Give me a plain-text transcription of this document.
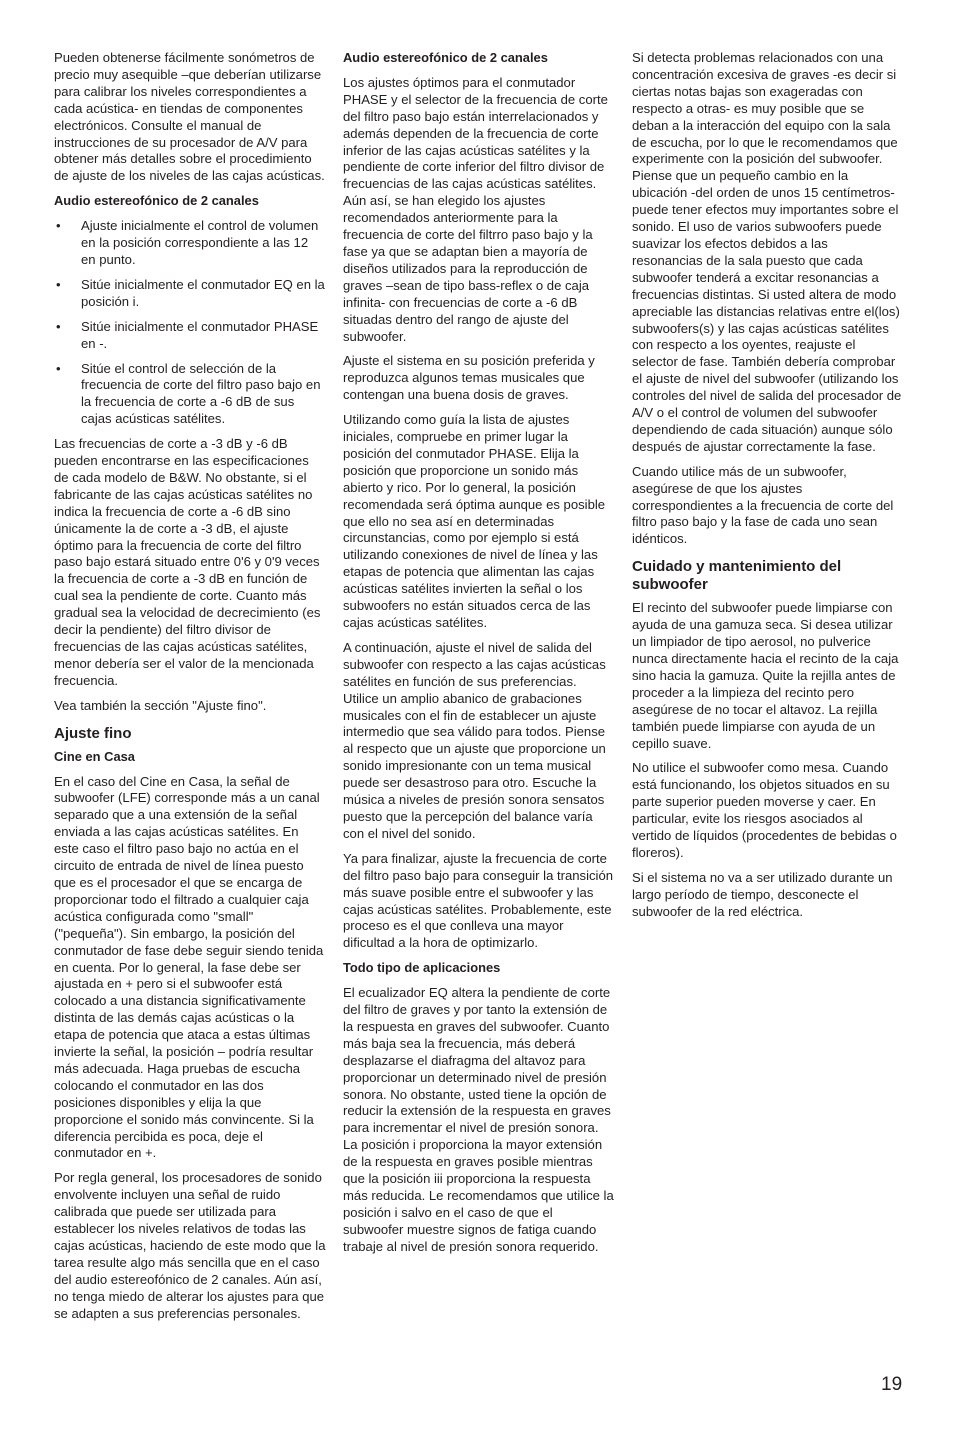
Pueden obtenerse fácilmente sonómetros de precio muy asequible –que deberían utilizarse para calibrar los niveles correspondientes a cada acústica- en tiendas de componentes electrónicos. Consulte el manual de instrucciones de su procesador de A/V para obtener más detalles sobre el procedimiento de ajuste de los niveles de las cajas acústicas.

Audio estereofónico de 2 canales

• Ajuste inicialmente el control de volumen en la posición correspondiente a las 12 en punto.
• Sitúe inicialmente el conmutador EQ en la posición i.
• Sitúe inicialmente el conmutador PHASE en -.
• Sitúe el control de selección de la frecuencia de corte del filtro paso bajo en la frecuencia de corte a -6 dB de sus cajas acústicas satélites.

Las frecuencias de corte a -3 dB y -6 dB pueden encontrarse en las especificaciones de cada modelo de B&W. No obstante, si el fabricante de las cajas acústicas satélites no indica la frecuencia de corte a -6 dB sino únicamente la de corte a -3 dB, el ajuste óptimo para la frecuencia de corte del filtro paso bajo estará situado entre 0'6 y 0'9 veces la frecuencia de corte a -3 dB en función de cual sea la pendiente de corte. Cuanto más gradual sea la velocidad de decrecimiento (es decir la pendiente) del filtro divisor de frecuencias de las cajas acústicas satélites, menor debería ser el valor de la mencionada frecuencia.

Vea también la sección "Ajuste fino".

Ajuste fino

Cine en Casa

En el caso del Cine en Casa, la señal de subwoofer (LFE) corresponde más a un canal separado que a una extensión de la señal enviada a las cajas acústicas satélites. En este caso el filtro paso bajo no actúa en el circuito de entrada de nivel de línea puesto que es el procesador el que se encarga de proporcionar todo el filtrado a cualquier caja acústica configurada como "small" ("pequeña"). Sin embargo, la posición del conmutador de fase debe seguir siendo tenida en cuenta. Por lo general, la fase debe ser ajustada en + pero si el subwoofer está colocado a una distancia significativamente distinta de las demás cajas acústicas o la etapa de potencia que ataca a estas últimas invierte la señal, la posición – podría resultar más adecuada. Haga pruebas de escucha colocando el conmutador en las dos posiciones disponibles y elija la que proporcione el sonido más convincente. Si la diferencia percibida es poca, deje el conmutador en +.

Por regla general, los procesadores de sonido envolvente incluyen una señal de ruido calibrada que puede ser utilizada para establecer los niveles relativos de todas las cajas acústicas, haciendo de este modo que la tarea resulte algo más sencilla que en el caso del audio estereofónico de 2 canales. Aún así, no tenga miedo de alterar los ajustes para que se adapten a sus preferencias personales.

Audio estereofónico de 2 canales

Los ajustes óptimos para el conmutador PHASE y el selector de la frecuencia de corte del filtro paso bajo están interrelacionados y además dependen de la frecuencia de corte inferior de las cajas acústicas satélites y la pendiente de corte inferior del filtro divisor de frecuencias de las cajas acústicas satélites. Aún así, se han elegido los ajustes recomendados anteriormente para la frecuencia de corte del filtrro paso bajo y la fase ya que se adaptan bien a mayoría de diseños utilizados para la reproducción de graves –sean de tipo bass-reflex o de caja infinita- con frecuencias de corte a -6 dB situadas dentro del rango de ajuste del subwoofer.

Ajuste el sistema en su posición preferida y reproduzca algunos temas musicales que contengan una buena dosis de graves.

Utilizando como guía la lista de ajustes iniciales, compruebe en primer lugar la posición del conmutador PHASE. Elija la posición que proporcione un sonido más abierto y rico. Por lo general, la posición recomendada será óptima aunque es posible que ello no sea así en determinadas circunstancias, como por ejemplo si está utilizando conexiones de nivel de línea y las etapas de potencia que alimentan las cajas acústicas satélites invierten la señal o los subwoofers no están situados cerca de las cajas acústicas satélites.

A continuación, ajuste el nivel de salida del subwoofer con respecto a las cajas acústicas satélites en función de sus preferencias. Utilice un amplio abanico de grabaciones musicales con el fin de establecer un ajuste intermedio que sea válido para todos. Piense al respecto que un ajuste que proporcione un sonido impresionante con un tema musical puede ser desastroso para otro. Escuche la música a niveles de presión sonora sensatos puesto que la percepción del balance varía con el nivel del sonido.

Ya para finalizar, ajuste la frecuencia de corte del filtro paso bajo para conseguir la transición más suave posible entre el subwoofer y las cajas acústicas satélites. Probablemente, este proceso es el que conlleva una mayor dificultad a la hora de optimizarlo.

Todo tipo de aplicaciones

El ecualizador EQ altera la pendiente de corte del filtro de graves y por tanto la extensión de la respuesta en graves del subwoofer. Cuanto más baja sea la frecuencia, más deberá desplazarse el diafragma del altavoz para proporcionar un determinado nivel de presión sonora. No obstante, usted tiene la opción de reducir la extensión de la respuesta en graves para incrementar el nivel de presión sonora. La posición i proporciona la mayor extensión de la respuesta en graves posible mientras que la posición iii proporciona la respuesta más reducida. Le recomendamos que utilice la posición i salvo en el caso de que el subwoofer muestre signos de fatiga cuando trabaje al nivel de presión sonora requerido.

Si detecta problemas relacionados con una concentración excesiva de graves -es decir si ciertas notas bajas son exageradas con respecto a otras- es muy posible que se deban a la interacción del equipo con la sala de escucha, por lo que le recomendamos que experimente con la posición del subwoofer. Piense que un pequeño cambio en la ubicación -del orden de unos 15 centímetros- puede tener efectos muy importantes sobre el sonido. El uso de varios subwoofers puede suavizar los efectos debidos a las resonancias de la sala puesto que cada subwoofer tenderá a excitar resonancias a frecuencias distintas. Si usted altera de modo apreciable las distancias relativas entre el(los) subwoofers(s) y las cajas acústicas satélites con respecto a los oyentes, reajuste el selector de fase. También debería comprobar el ajuste de nivel del subwoofer (utilizando los controles del nivel de salida del procesador de A/V o el control de volumen del subwoofer dependiendo de cada situación) aunque sólo después de ajustar correctamente la fase.

Cuando utilice más de un subwoofer, asegúrese de que los ajustes correspondientes a la frecuencia de corte del filtro paso bajo y la fase de cada uno sean idénticos.

Cuidado y mantenimiento del subwoofer

El recinto del subwoofer puede limpiarse con ayuda de una gamuza seca. Si desea utilizar un limpiador de tipo aerosol, no pulverice nunca directamente hacia el recinto de la caja sino hacia la gamuza. Quite la rejilla antes de proceder a la limpieza del recinto pero asegúrese de no tocar el altavoz. La rejilla también puede limpiarse con ayuda de un cepillo suave.

No utilice el subwoofer como mesa. Cuando está funcionando, los objetos situados en su parte superior pueden moverse y caer. En particular, evite los riesgos asociados al vertido de líquidos (procedentes de bebidas o floreros).

Si el sistema no va a ser utilizado durante un largo período de tiempo, desconecte el subwoofer de la red eléctrica.

19
